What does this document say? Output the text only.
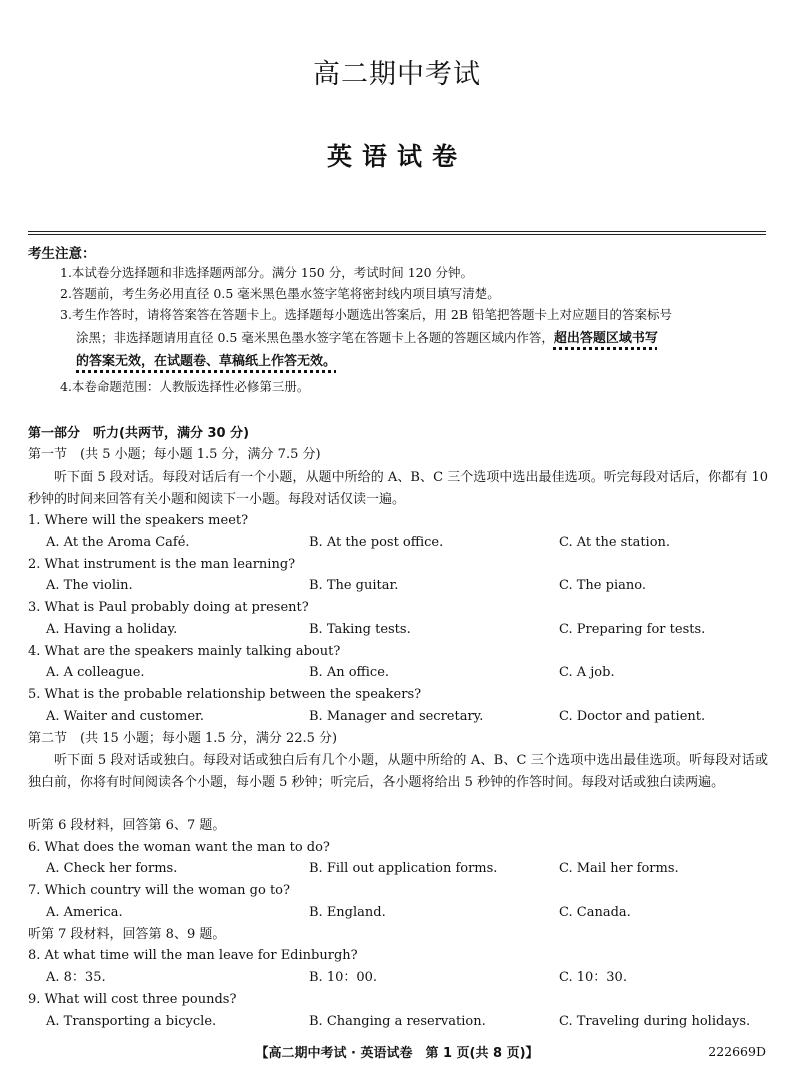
高二期中考试
英语试卷
考生注意：
1.本试卷分选择题和非选择题两部分。满分 150 分，考试时间 120 分钟。
2.答题前，考生务必用直径 0.5 毫米黑色墨水签字笔将密封线内项目填写清楚。
3.考生作答时，请将答案答在答题卡上。选择题每小题选出答案后，用 2B 铅笔把答题卡上对应题目的答案标号
涂黑；非选择题请用直径 0.5 毫米黑色墨水签字笔在答题卡上各题的答题区域内作答，超出答题区域书写
的答案无效，在试题卷、草稿纸上作答无效。
4.本卷命题范围：人教版选择性必修第三册。
第一部分　听力(共两节，满分 30 分)
第一节　(共 5 小题；每小题 1.5 分，满分 7.5 分)
听下面 5 段对话。每段对话后有一个小题，从题中所给的 A、B、C 三个选项中选出最佳选项。听完每段对话后，你都有 10 秒钟的时间来回答有关小题和阅读下一小题。每段对话仅读一遍。
1. Where will the speakers meet?
A. At the Aroma Café.	B. At the post office.	C. At the station.
2. What instrument is the man learning?
A. The violin.	B. The guitar.	C. The piano.
3. What is Paul probably doing at present?
A. Having a holiday.	B. Taking tests.	C. Preparing for tests.
4. What are the speakers mainly talking about?
A. A colleague.	B. An office.	C. A job.
5. What is the probable relationship between the speakers?
A. Waiter and customer.	B. Manager and secretary.	C. Doctor and patient.
第二节　(共 15 小题；每小题 1.5 分，满分 22.5 分)
听下面 5 段对话或独白。每段对话或独白后有几个小题，从题中所给的 A、B、C 三个选项中选出最佳选项。听每段对话或独白前，你将有时间阅读各个小题，每小题 5 秒钟；听完后，各小题将给出 5 秒钟的作答时间。每段对话或独白读两遍。
听第 6 段材料，回答第 6、7 题。
6. What does the woman want the man to do?
A. Check her forms.	B. Fill out application forms.	C. Mail her forms.
7. Which country will the woman go to?
A. America.	B. England.	C. Canada.
听第 7 段材料，回答第 8、9 题。
8. At what time will the man leave for Edinburgh?
A. 8：35.	B. 10：00.	C. 10：30.
9. What will cost three pounds?
A. Transporting a bicycle.	B. Changing a reservation.	C. Traveling during holidays.
【高二期中考试 · 英语试卷　第 1 页(共 8 页)】	222669D
